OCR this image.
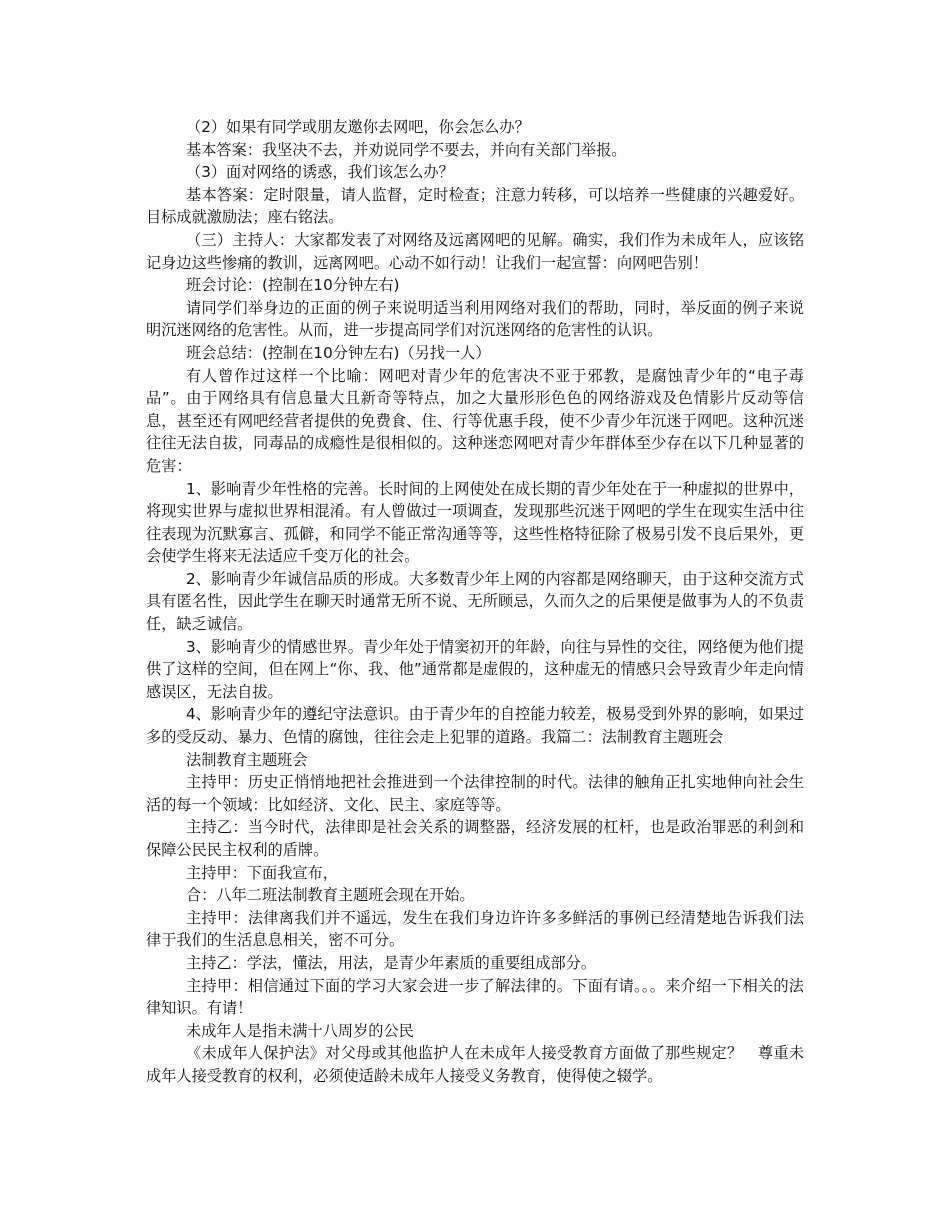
（2）如果有同学或朋友邀你去网吧，你会怎么办？

基本答案：我坚决不去，并劝说同学不要去，并向有关部门举报。

（3）面对网络的诱惑，我们该怎么办？

基本答案：定时限量，请人监督，定时检查；注意力转移，可以培养一些健康的兴趣爱好。目标成就激励法；座右铭法。

（三）主持人：大家都发表了对网络及远离网吧的见解。确实，我们作为未成年人，应该铭记身边这些惨痛的教训，远离网吧。心动不如行动！让我们一起宣誓：向网吧告别！

班会讨论：(控制在10分钟左右)

请同学们举身边的正面的例子来说明适当利用网络对我们的帮助，同时，举反面的例子来说明沉迷网络的危害性。从而，进一步提高同学们对沉迷网络的危害性的认识。

班会总结：(控制在10分钟左右)（另找一人）

有人曾作过这样一个比喻：网吧对青少年的危害决不亚于邪教，是腐蚀青少年的“电子毒品”。由于网络具有信息量大且新奇等特点，加之大量形形色色的网络游戏及色情影片反动等信息，甚至还有网吧经营者提供的免费食、住、行等优惠手段，使不少青少年沉迷于网吧。这种沉迷往往无法自拔，同毒品的成瘾性是很相似的。这种迷恋网吧对青少年群体至少存在以下几种显著的危害：

1、影响青少年性格的完善。长时间的上网使处在成长期的青少年处在于一种虚拟的世界中，将现实世界与虚拟世界相混淆。有人曾做过一项调查，发现那些沉迷于网吧的学生在现实生活中往往表现为沉默寡言、孤僻，和同学不能正常沟通等等，这些性格特征除了极易引发不良后果外，更会使学生将来无法适应千变万化的社会。

2、影响青少年诚信品质的形成。大多数青少年上网的内容都是网络聊天，由于这种交流方式具有匿名性，因此学生在聊天时通常无所不说、无所顾忌，久而久之的后果便是做事为人的不负责任，缺乏诚信。

3、影响青少的情感世界。青少年处于情窦初开的年龄，向往与异性的交往，网络便为他们提供了这样的空间，但在网上“你、我、他”通常都是虚假的，这种虚无的情感只会导致青少年走向情感误区，无法自拔。

4、影响青少年的遵纪守法意识。由于青少年的自控能力较差，极易受到外界的影响，如果过多的受反动、暴力、色情的腐蚀，往往会走上犯罪的道路。我篇二：法制教育主题班会

法制教育主题班会

主持甲：历史正悄悄地把社会推进到一个法律控制的时代。法律的触角正扎实地伸向社会生活的每一个领域：比如经济、文化、民主、家庭等等。

主持乙：当今时代，法律即是社会关系的调整器，经济发展的杠杆，也是政治罪恶的利剑和保障公民民主权利的盾牌。

主持甲：下面我宣布，

合：八年二班法制教育主题班会现在开始。

主持甲：法律离我们并不遥远，发生在我们身边许许多多鲜活的事例已经清楚地告诉我们法律于我们的生活息息相关，密不可分。

主持乙：学法，懂法，用法，是青少年素质的重要组成部分。

主持甲：相信通过下面的学习大家会进一步了解法律的。下面有请。。。来介绍一下相关的法律知识。有请！

未成年人是指未满十八周岁的公民

《未成年人保护法》对父母或其他监护人在未成年人接受教育方面做了那些规定？　尊重未成年人接受教育的权利，必须使适龄未成年人接受义务教育，使得使之辍学。
